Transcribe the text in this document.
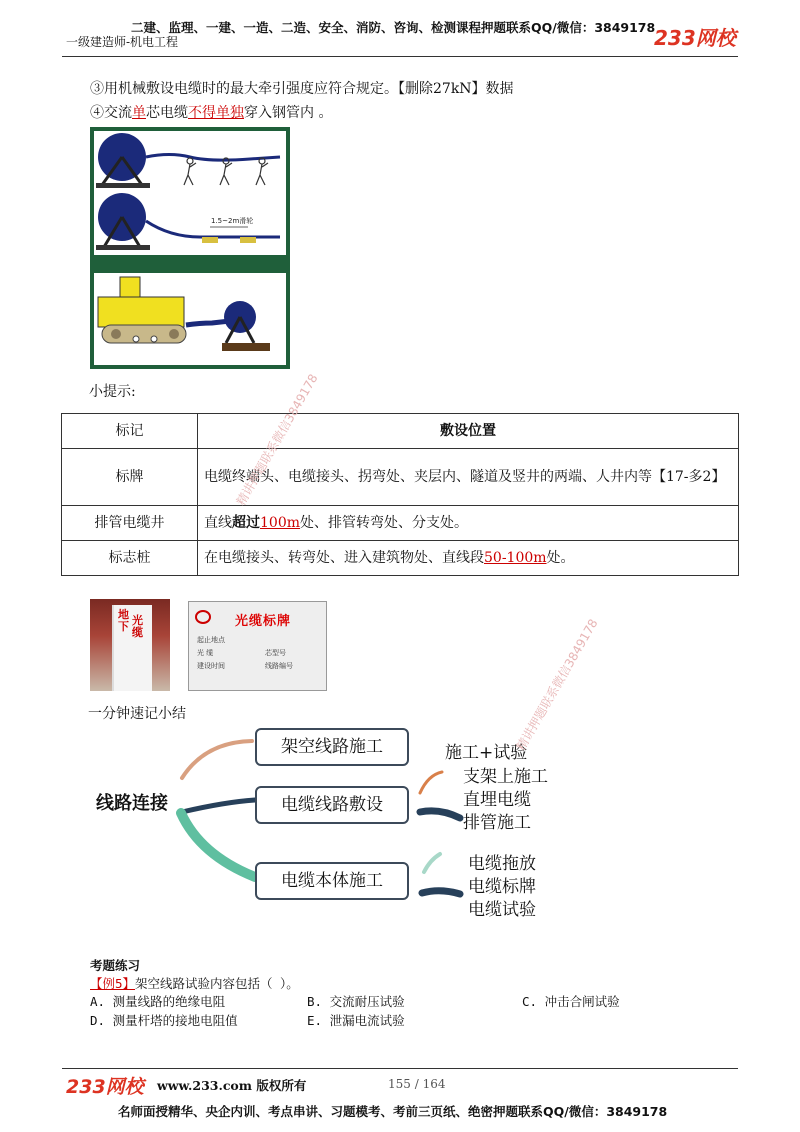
二建、监理、一建、一造、二造、安全、消防、咨询、检测课程押题联系QQ/微信：3849178
一级建造师-机电工程	233网校
③用机械敷设电缆时的最大牵引强度应符合规定。【删除27kN】数据
④交流单芯电缆不得单独穿入钢管内 。
1.5~2m滑轮
小提示:
标记	敷设位置
标牌	电缆终端头、电缆接头、拐弯处、夹层内、隧道及竖井的两端、人井内等【17-多2】
排管电缆井	直线超过100m处、排管转弯处、分支处。
标志桩	在电缆接头、转弯处、进入建筑物处、直线段50-100m处。
地下 光缆
光缆标牌
起止地点
光 缆
建设时间
芯型号
线路编号
一分钟速记小结
线路连接
架空线路施工
电缆线路敷设
电缆本体施工
施工+试验
支架上施工
直埋电缆
排管施工
电缆拖放
电缆标牌
电缆试验
考题练习
【例5】架空线路试验内容包括（ ）。
A. 测量线路的绝缘电阻	B. 交流耐压试验	C. 冲击合闸试验
D. 测量杆塔的接地电阻值	E. 泄漏电流试验
精讲押题联系微信3849178
精讲押题联系微信3849178
233网校 www.233.com 版权所有	155 / 164
名师面授精华、央企内训、考点串讲、习题模考、考前三页纸、绝密押题联系QQ/微信：3849178
